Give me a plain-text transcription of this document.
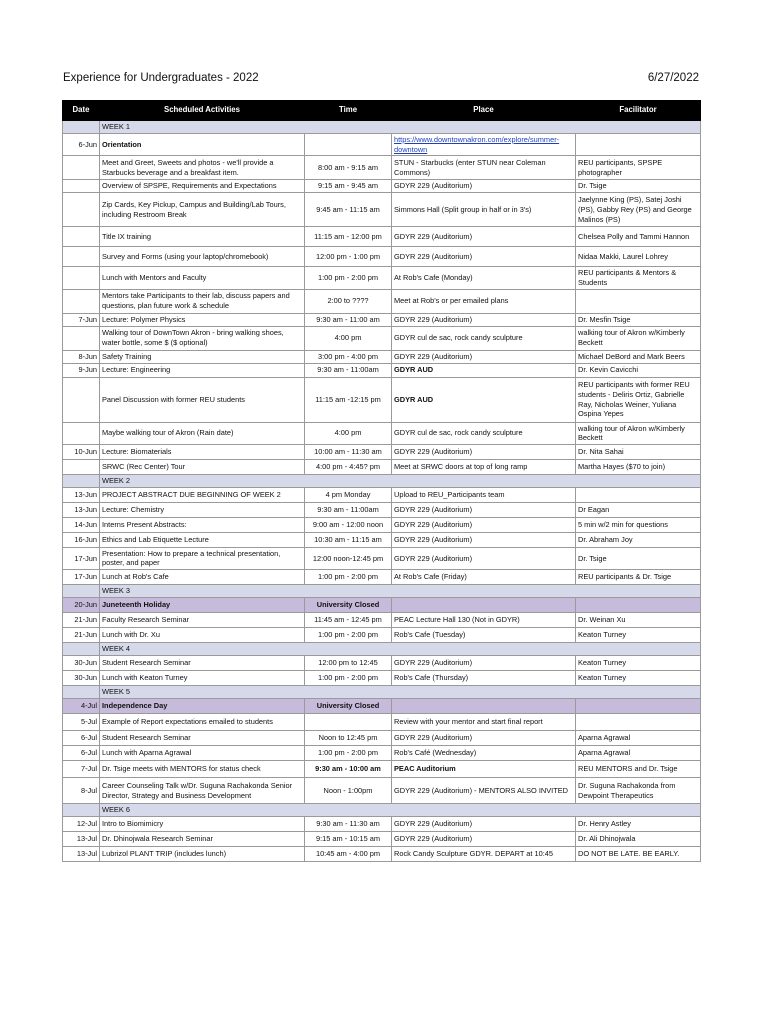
Experience for Undergraduates - 2022	6/27/2022
Date	Scheduled Activities	Time	Place	Facilitator
	WEEK 1			
6-Jun	Orientation		https://www.downtownakron.com/explore/summer-downtown	
	Meet and Greet, Sweets and photos - we'll provide a Starbucks beverage and a breakfast item.	8:00 am - 9:15 am	STUN - Starbucks (enter STUN near Coleman Commons)	REU participants, SPSPE photographer
	Overview of SPSPE, Requirements and Expectations	9:15 am - 9:45 am	GDYR 229 (Auditorium)	Dr. Tsige
	Zip Cards, Key Pickup, Campus and Building/Lab Tours, including Restroom Break	9:45 am - 11:15 am	Simmons Hall (Split group in half or in 3's)	Jaelynne King (PS), Satej Joshi (PS), Gabby Rey (PS) and George Malinos (PS)
	Title IX training	11:15 am - 12:00 pm	GDYR 229 (Auditorium)	Chelsea Polly and Tammi Hannon
	Survey and Forms (using your laptop/chromebook)	12:00 pm - 1:00 pm	GDYR 229 (Auditorium)	Nidaa Makki, Laurel Lohrey
	Lunch with Mentors and Faculty	1:00 pm - 2:00 pm	At Rob's Cafe (Monday)	REU participants & Mentors & Students
	Mentors take Participants to their lab, discuss papers and questions, plan future work & schedule	2:00 to ????	Meet at Rob's or per emailed plans	
7-Jun	Lecture: Polymer Physics	9:30 am - 11:00 am	GDYR 229 (Auditorium)	Dr. Mesfin Tsige
	Walking tour of DownTown Akron - bring walking shoes, water bottle, some $ ($ optional)	4:00 pm	GDYR cul de sac, rock candy sculpture	walking tour of Akron w/Kimberly Beckett
8-Jun	Safety Training	3:00 pm - 4:00 pm	GDYR 229 (Auditorium)	Michael DeBord and Mark Beers
9-Jun	Lecture: Engineering	9:30 am - 11:00am	GDYR AUD	Dr. Kevin Cavicchi
	Panel Discussion with former REU students	11:15 am -12:15 pm	GDYR AUD	REU participants with former REU students - Deliris Ortiz, Gabrielle Ray, Nicholas Weiner, Yuliana Ospina Yepes
	Maybe walking tour of Akron (Rain date)	4:00 pm	GDYR cul de sac, rock candy sculpture	walking tour of Akron w/Kimberly Beckett
10-Jun	Lecture: Biomaterials	10:00 am - 11:30 am	GDYR 229 (Auditorium)	Dr. Nita Sahai
	SRWC (Rec Center) Tour	4:00 pm - 4:45? pm	Meet at SRWC doors at top of long ramp	Martha Hayes ($70 to join)
	WEEK 2			
13-Jun	PROJECT ABSTRACT DUE BEGINNING OF WEEK 2	4 pm Monday	Upload to REU_Participants team	
13-Jun	Lecture: Chemistry	9:30 am - 11:00am	GDYR 229 (Auditorium)	Dr Eagan
14-Jun	Interns Present Abstracts:	9:00 am - 12:00 noon	GDYR 229 (Auditorium)	5 min w/2 min for questions
16-Jun	Ethics and Lab Etiquette Lecture	10:30 am - 11:15 am	GDYR 229 (Auditorium)	Dr. Abraham Joy
17-Jun	Presentation: How to prepare a technical presentation, poster, and paper	12:00 noon-12:45 pm	GDYR 229 (Auditorium)	Dr. Tsige
17-Jun	Lunch at Rob's Cafe	1:00 pm - 2:00 pm	At Rob's Cafe (Friday)	REU participants & Dr. Tsige
	WEEK 3			
20-Jun	Juneteenth Holiday	University Closed		
21-Jun	Faculty Research Seminar	11:45 am - 12:45 pm	PEAC Lecture Hall 130 (Not in GDYR)	Dr. Weinan Xu
21-Jun	Lunch with Dr. Xu	1:00 pm - 2:00 pm	Rob's Cafe (Tuesday)	Keaton Turney
	WEEK 4			
30-Jun	Student Research Seminar	12:00 pm to 12:45	GDYR 229 (Auditorium)	Keaton Turney
30-Jun	Lunch with Keaton Turney	1:00 pm - 2:00 pm	Rob's Cafe (Thursday)	Keaton Turney
	WEEK 5			
4-Jul	Independence Day	University Closed		
5-Jul	Example of Report expectations emailed to students		Review with your mentor and start final report	
6-Jul	Student Research Seminar	Noon to 12:45 pm	GDYR 229 (Auditorium)	Aparna Agrawal
6-Jul	Lunch with Aparna Agrawal	1:00 pm - 2:00 pm	Rob's Café (Wednesday)	Aparna Agrawal
7-Jul	Dr. Tsige meets with MENTORS for status check	9:30 am - 10:00 am	PEAC Auditorium	REU MENTORS and Dr. Tsige
8-Jul	Career Counseling Talk w/Dr. Suguna Rachakonda Senior Director, Strategy and Business Development	Noon - 1:00pm	GDYR 229 (Auditorium) - MENTORS ALSO INVITED	Dr. Suguna Rachakonda from Dewpoint Therapeutics
	WEEK 6			
12-Jul	Intro to Biomimicry	9:30 am - 11:30 am	GDYR 229 (Auditorium)	Dr. Henry Astley
13-Jul	Dr. Dhinojwala Research Seminar	9:15 am - 10:15 am	GDYR 229 (Auditorium)	Dr. Ali Dhinojwala
13-Jul	Lubrizol PLANT TRIP (includes lunch)	10:45 am - 4:00 pm	Rock Candy Sculpture GDYR. DEPART at 10:45	DO NOT BE LATE. BE EARLY.
